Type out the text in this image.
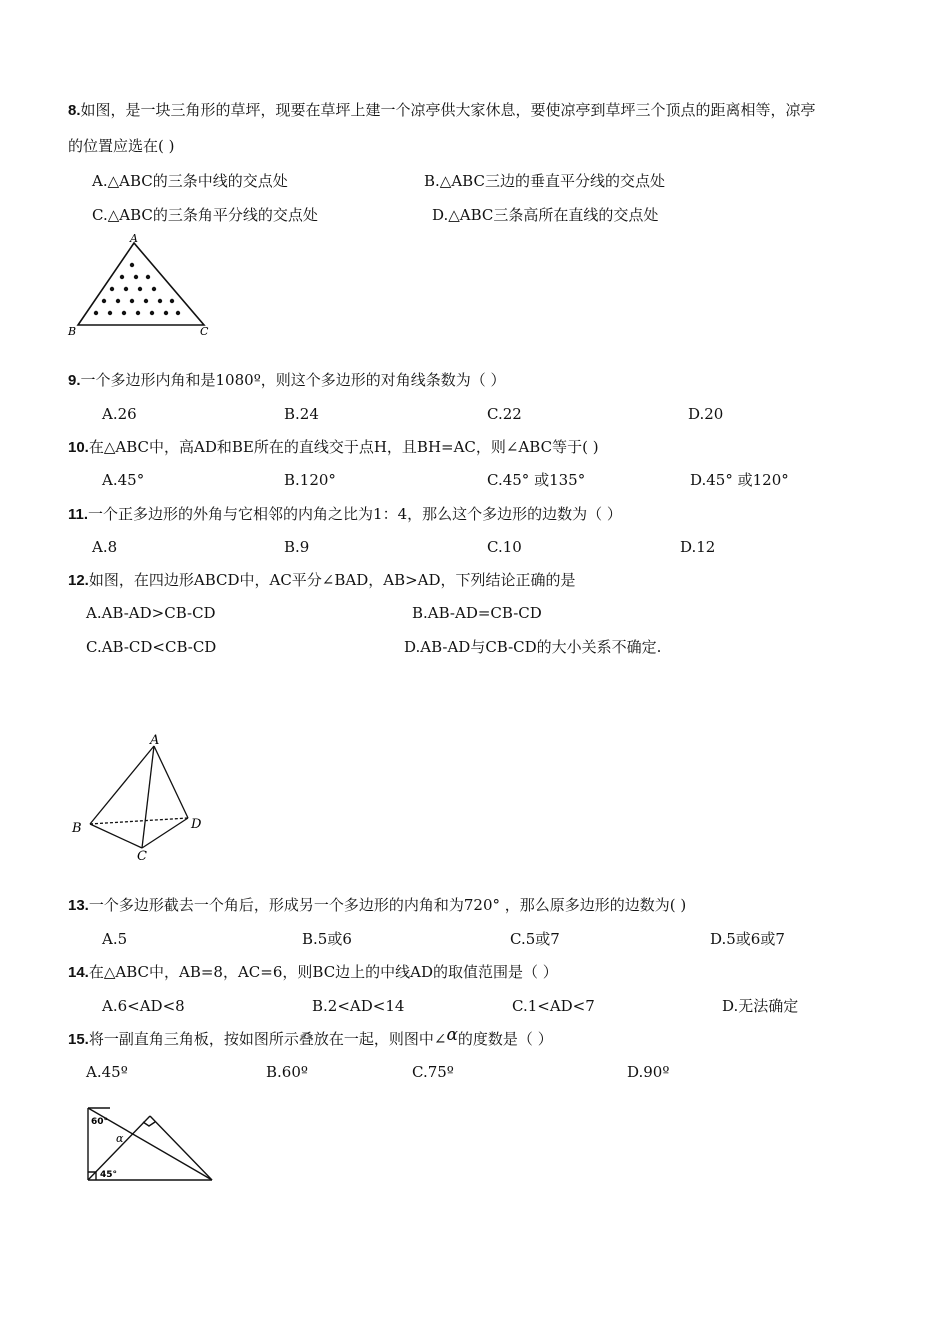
8.如图，是一块三角形的草坪，现要在草坪上建一个凉亭供大家休息，要使凉亭到草坪三个顶点的距离相等，凉亭
的位置应选在( )
A.△ABC的三条中线的交点处	B.△ABC三边的垂直平分线的交点处
C.△ABC的三条角平分线的交点处	D.△ABC三条高所在直线的交点处
A
B	C
9.一个多边形内角和是1080º，则这个多边形的对角线条数为（ ）
A.26	B.24	C.22	D.20
10.在△ABC中，高AD和BE所在的直线交于点H，且BH=AC，则∠ABC等于( )
A.45°	B.120°	C.45° 或135°	D.45° 或120°
11.一个正多边形的外角与它相邻的内角之比为1：4，那么这个多边形的边数为（ ）
A.8	B.9	C.10	D.12
12.如图，在四边形ABCD中，AC平分∠BAD，AB>AD，下列结论正确的是
A.AB-AD>CB-CD	B.AB-AD=CB-CD
C.AB-CD<CB-CD	D.AB-AD与CB-CD的大小关系不确定.
A
B
C
D
13.一个多边形截去一个角后，形成另一个多边形的内角和为720° ，那么原多边形的边数为( )
A.5	B.5或6	C.5或7	D.5或6或7
14.在△ABC中，AB=8，AC=6，则BC边上的中线AD的取值范围是（ ）
A.6<AD<8	B.2<AD<14	C.1<AD<7	D.无法确定
15.将一副直角三角板，按如图所示叠放在一起，则图中∠α的度数是（ ）
A.45º	B.60º	C.75º	D.90º
60°
α
45°
